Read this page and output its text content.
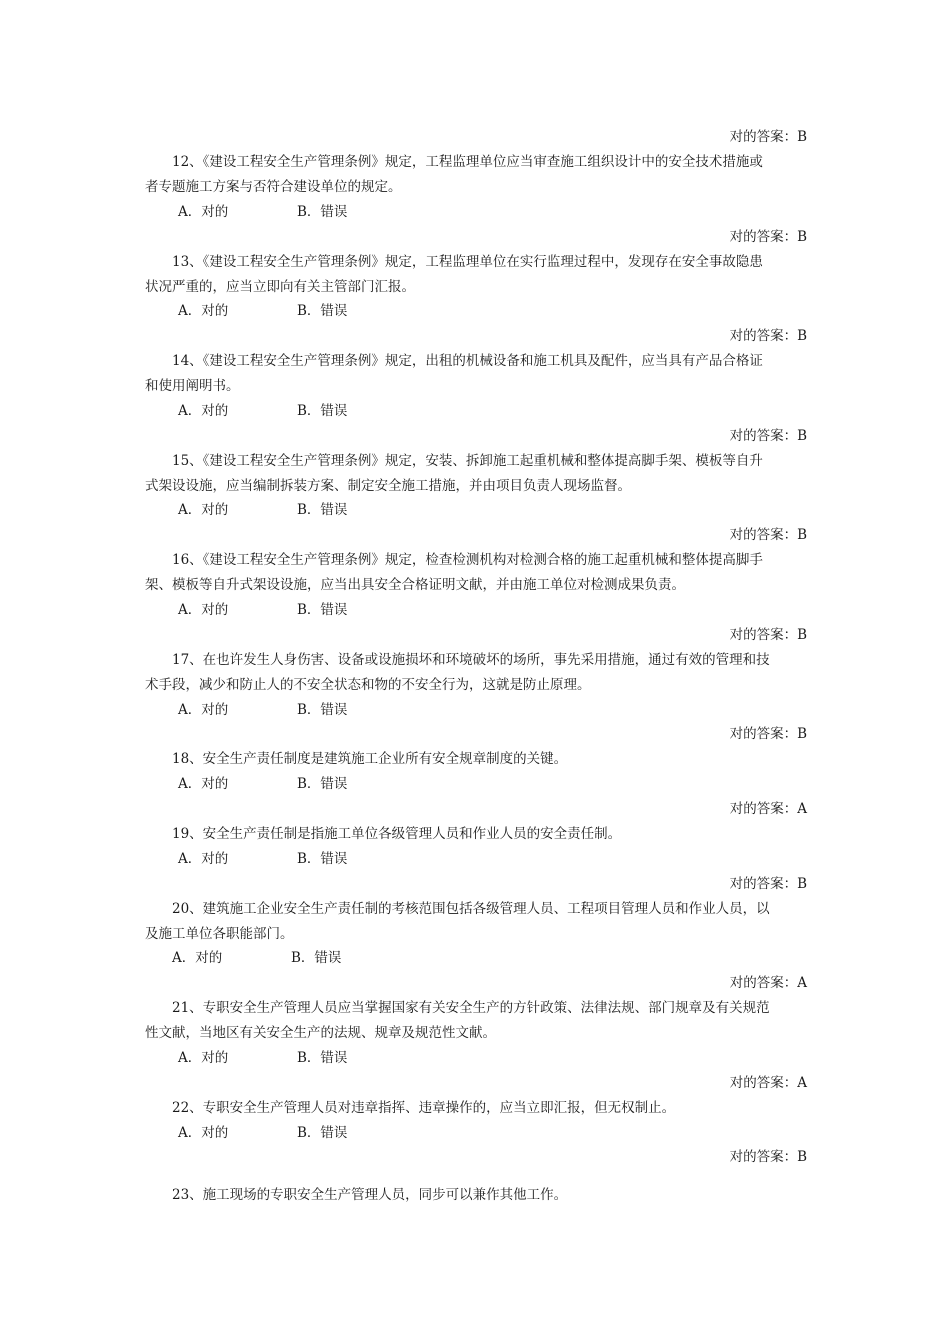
对的答案：B
12、《建设工程安全生产管理条例》规定，工程监理单位应当审查施工组织设计中的安全技术措施或
者专题施工方案与否符合建设单位的规定。
A．对的	B．错误
对的答案：B
13、《建设工程安全生产管理条例》规定，工程监理单位在实行监理过程中，发现存在安全事故隐患
状况严重的，应当立即向有关主管部门汇报。
A．对的	B．错误
对的答案：B
14、《建设工程安全生产管理条例》规定，出租的机械设备和施工机具及配件，应当具有产品合格证
和使用阐明书。
A．对的	B．错误
对的答案：B
15、《建设工程安全生产管理条例》规定，安装、拆卸施工起重机械和整体提高脚手架、模板等自升
式架设设施，应当编制拆装方案、制定安全施工措施，并由项目负责人现场监督。
A．对的	B．错误
对的答案：B
16、《建设工程安全生产管理条例》规定，检查检测机构对检测合格的施工起重机械和整体提高脚手
架、模板等自升式架设设施，应当出具安全合格证明文献，并由施工单位对检测成果负责。
A．对的	B．错误
对的答案：B
17、在也许发生人身伤害、设备或设施损坏和环境破坏的场所，事先采用措施，通过有效的管理和技
术手段，减少和防止人的不安全状态和物的不安全行为，这就是防止原理。
A．对的	B．错误
对的答案：B
18、安全生产责任制度是建筑施工企业所有安全规章制度的关键。
A．对的	B．错误
对的答案：A
19、安全生产责任制是指施工单位各级管理人员和作业人员的安全责任制。
A．对的	B．错误
对的答案：B
20、建筑施工企业安全生产责任制的考核范围包括各级管理人员、工程项目管理人员和作业人员，以
及施工单位各职能部门。
A．对的	B．错误
对的答案：A
21、专职安全生产管理人员应当掌握国家有关安全生产的方针政策、法律法规、部门规章及有关规范
性文献，当地区有关安全生产的法规、规章及规范性文献。
A．对的	B．错误
对的答案：A
22、专职安全生产管理人员对违章指挥、违章操作的，应当立即汇报，但无权制止。
A．对的	B．错误
对的答案：B
23、施工现场的专职安全生产管理人员，同步可以兼作其他工作。
